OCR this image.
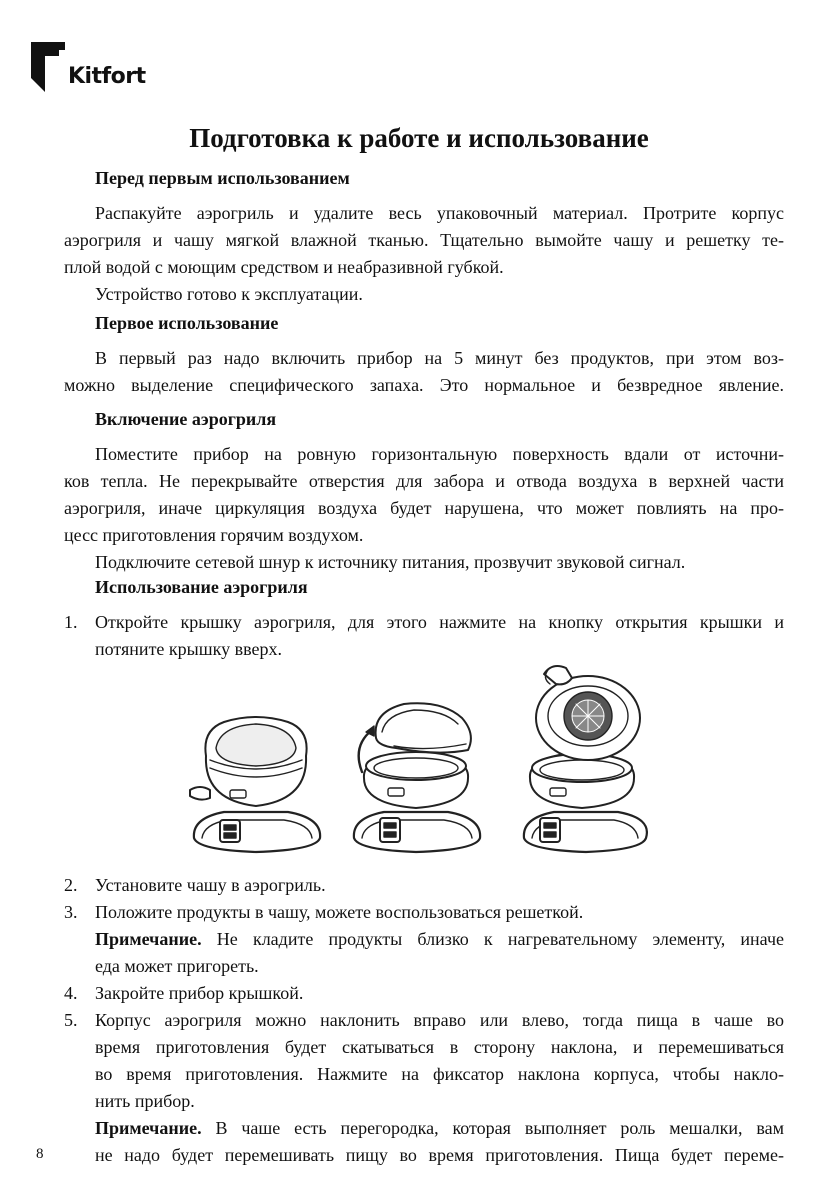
Kitfort
Подготовка к работе и использование
Перед первым использованием
Распакуйте аэрогриль и удалите весь упаковочный материал. Протрите корпус
аэрогриля и чашу мягкой влажной тканью. Тщательно вымойте чашу и решетку те-
плой водой с моющим средством и неабразивной губкой.
Устройство готово к эксплуатации.
Первое использование
В первый раз надо включить прибор на 5 минут без продуктов, при этом воз-
можно выделение специфического запаха. Это нормальное и безвредное явление.
Включение аэрогриля
Поместите прибор на ровную горизонтальную поверхность вдали от источни-
ков тепла. Не перекрывайте отверстия для забора и отвода воздуха в верхней части
аэрогриля, иначе циркуляция воздуха будет нарушена, что может повлиять на про-
цесс приготовления горячим воздухом.
Подключите сетевой шнур к источнику питания, прозвучит звуковой сигнал.
Использование аэрогриля
1. Откройте крышку аэрогриля, для этого нажмите на кнопку открытия крышки и
потяните крышку вверх.
2. Установите чашу в аэрогриль.
3. Положите продукты в чашу, можете воспользоваться решеткой.
Примечание. Не кладите продукты близко к нагревательному элементу, иначе
еда может пригореть.
4. Закройте прибор крышкой.
5. Корпус аэрогриля можно наклонить вправо или влево, тогда пища в чаше во
время приготовления будет скатываться в сторону наклона, и перемешиваться
во время приготовления. Нажмите на фиксатор наклона корпуса, чтобы накло-
нить прибор.
Примечание. В чаше есть перегородка, которая выполняет роль мешалки, вам
не надо будет перемешивать пищу во время приготовления. Пища будет переме-
8
